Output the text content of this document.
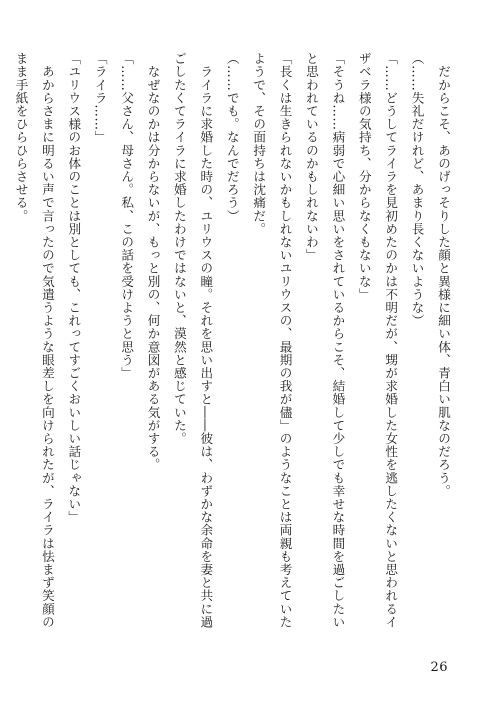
　だからこそ、あのげっそりした顔と異様に細い体、青白い肌なのだろう。
（……失礼だけれど、あまり長くないような）
「……どうしてライラを見初めたのかは不明だが、甥が求婚した女性を逃したくないと思われるイ
ザベラ様の気持ち、分からなくもないな」
「そうね……病弱で心細い思いをされているからこそ、結婚して少しでも幸せな時間を過ごしたい
と思われているのかもしれないわ」
「長くは生きられないかもしれないユリウスの、最期の我が儘」のようなことは両親も考えていた
ようで、その面持ちは沈痛だ。
（……でも。なんでだろう）
　ライラに求婚した時の、ユリウスの瞳。それを思い出すと――彼は、わずかな余命を妻と共に過
ごしたくてライラに求婚したわけではないと、漠然と感じていた。
　なぜなのかは分からないが、もっと別の、何か意図がある気がする。
「……父さん、母さん。私、この話を受けようと思う」
「ライラ……」
「ユリウス様のお体のことは別としても、これってすごくおいしい話じゃない」
　あからさまに明るい声で言ったので気遣うような眼差しを向けられたが、ライラは怯まず笑顔の
まま手紙をひらひらさせる。
26
